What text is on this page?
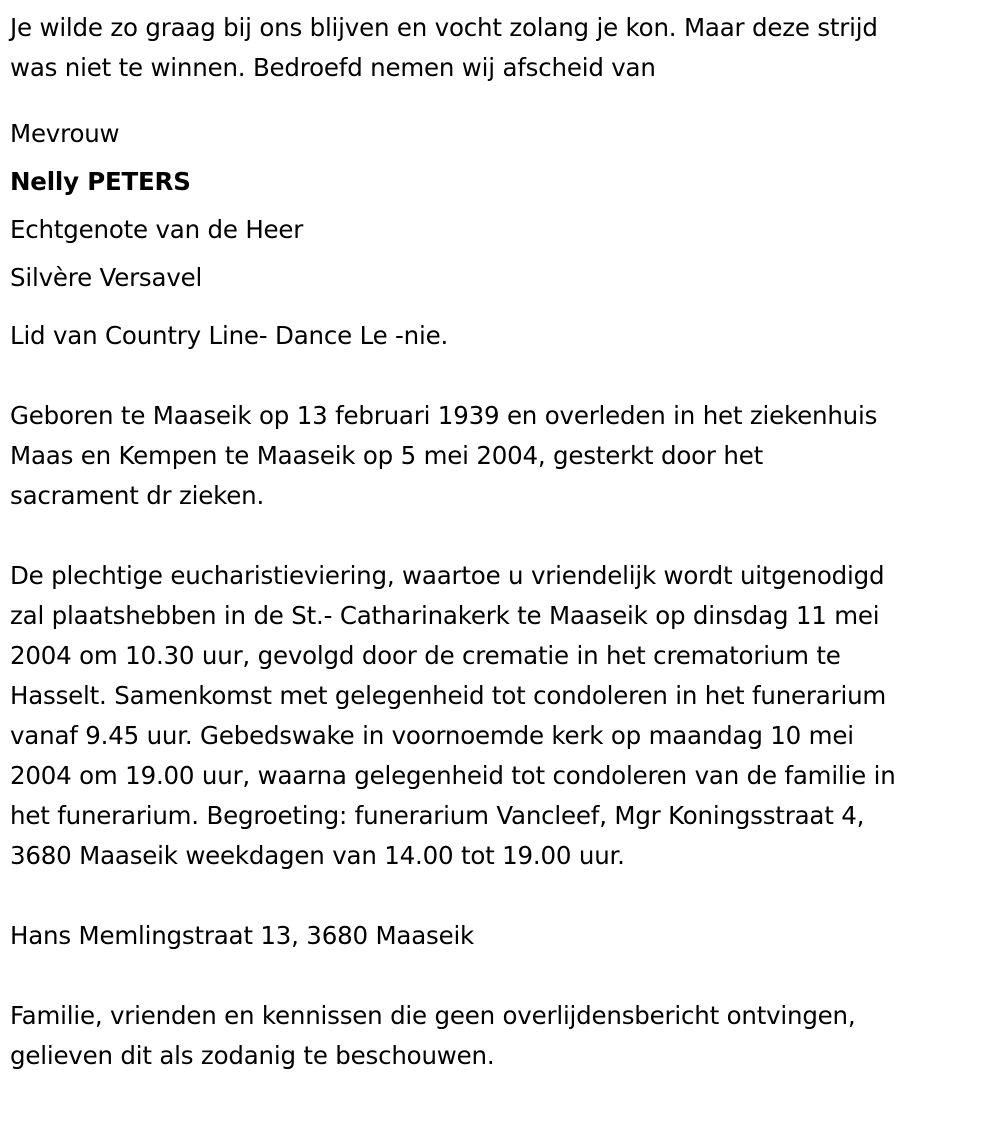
Je wilde zo graag bij ons blijven en vocht zolang je kon. Maar deze strijd

was niet te winnen. Bedroefd nemen wij afscheid van

Mevrouw

Nelly PETERS

Echtgenote van de Heer

Silvère Versavel

Lid van Country Line- Dance Le -nie.

Geboren te Maaseik op 13 februari 1939 en overleden in het ziekenhuis

Maas en Kempen te Maaseik op 5 mei 2004, gesterkt door het

sacrament dr zieken.

De plechtige eucharistieviering, waartoe u vriendelijk wordt uitgenodigd

zal plaatshebben in de St.- Catharinakerk te Maaseik op dinsdag 11 mei

2004 om 10.30 uur, gevolgd door de crematie in het crematorium te

Hasselt. Samenkomst met gelegenheid tot condoleren in het funerarium

vanaf 9.45 uur. Gebedswake in voornoemde kerk op maandag 10 mei

2004 om 19.00 uur, waarna gelegenheid tot condoleren van de familie in

het funerarium. Begroeting: funerarium Vancleef, Mgr Koningsstraat 4,

3680 Maaseik weekdagen van 14.00 tot 19.00 uur.

Hans Memlingstraat 13, 3680 Maaseik

Familie, vrienden en kennissen die geen overlijdensbericht ontvingen,

gelieven dit als zodanig te beschouwen.
